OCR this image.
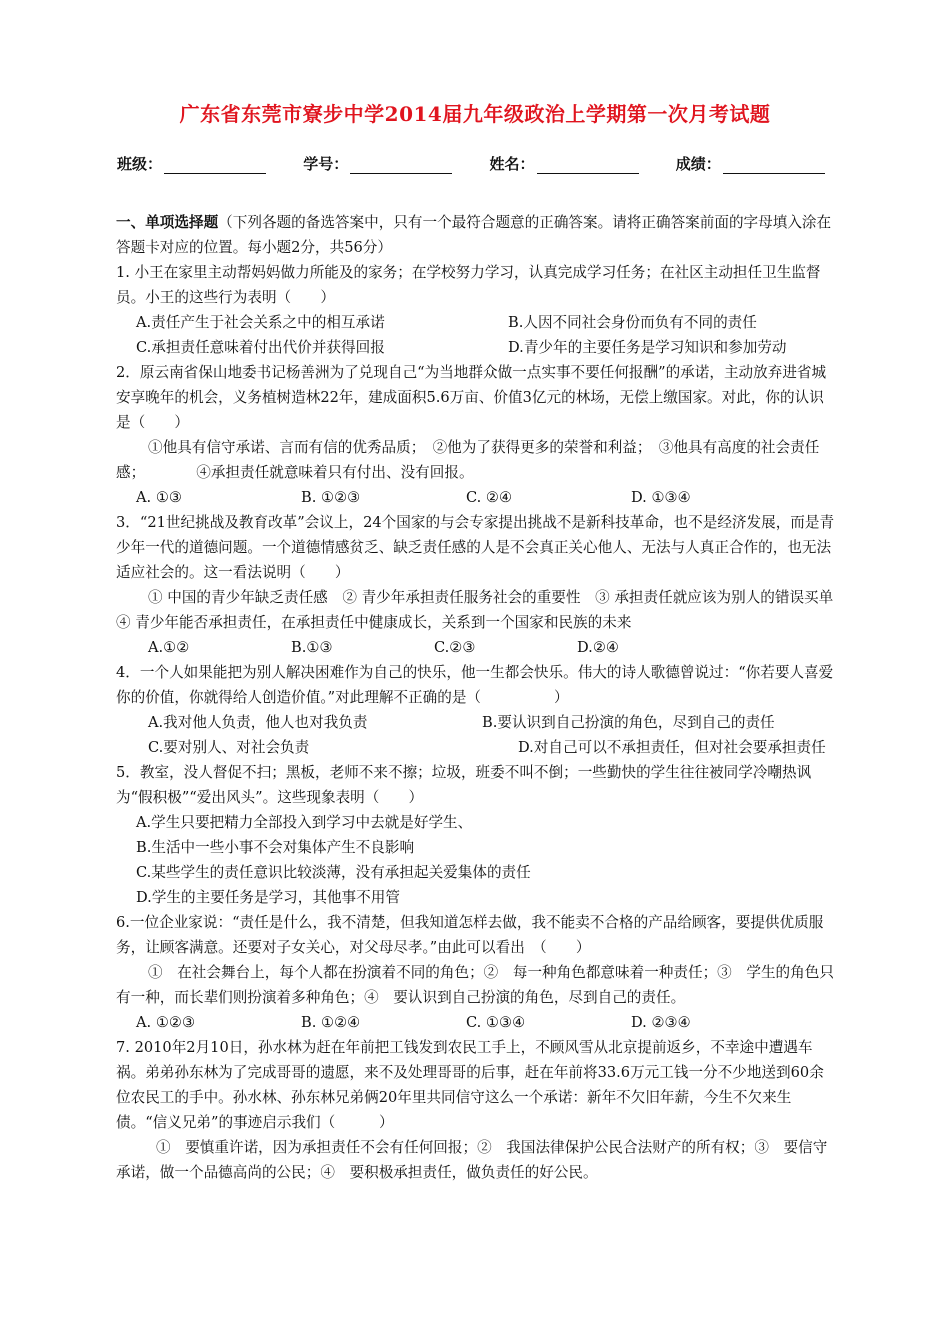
广东省东莞市寮步中学2014届九年级政治上学期第一次月考试题
班级：	学号：	姓名：	成绩：

一、单项选择题（下列各题的备选答案中，只有一个最符合题意的正确答案。请将正确答案前面的字母填入涂在答题卡对应的位置。每小题2分，共56分）

1. 小王在家里主动帮妈妈做力所能及的家务；在学校努力学习，认真完成学习任务；在社区主动担任卫生监督员。小王的这些行为表明（　　）

A.责任产生于社会关系之中的相互承诺	B.人因不同社会身份而负有不同的责任
C.承担责任意味着付出代价并获得回报	D.青少年的主要任务是学习知识和参加劳动

2．原云南省保山地委书记杨善洲为了兑现自己“为当地群众做一点实事不要任何报酬”的承诺，主动放弃进省城安享晚年的机会，义务植树造林22年，建成面积5.6万亩、价值3亿元的林场，无偿上缴国家。对此，你的认识是（　　）

①他具有信守承诺、言而有信的优秀品质；　②他为了获得更多的荣誉和利益；　③他具有高度的社会责任感；　　　　④承担责任就意味着只有付出、没有回报。

A. ①③	B. ①②③	C. ②④	D. ①③④

3．“21世纪挑战及教育改革”会议上，24个国家的与会专家提出挑战不是新科技革命，也不是经济发展，而是青少年一代的道德问题。一个道德情感贫乏、缺乏责任感的人是不会真正关心他人、无法与人真正合作的，也无法适应社会的。这一看法说明（　　）

① 中国的青少年缺乏责任感　② 青少年承担责任服务社会的重要性　③ 承担责任就应该为别人的错误买单　④ 青少年能否承担责任，在承担责任中健康成长，关系到一个国家和民族的未来

A.①②	B.①③	C.②③	D.②④

4．一个人如果能把为别人解决困难作为自己的快乐，他一生都会快乐。伟大的诗人歌德曾说过：“你若要人喜爱你的价值，你就得给人创造价值。”对此理解不正确的是（　　　　　）

A.我对他人负责，他人也对我负责	B.要认识到自己扮演的角色，尽到自己的责任

C.要对别人、对社会负责	D.对自己可以不承担责任，但对社会要承担责任

5．教室，没人督促不扫；黑板，老师不来不擦；垃圾，班委不叫不倒；一些勤快的学生往往被同学冷嘲热讽为“假积极”“爱出风头”。这些现象表明（　　）

A.学生只要把精力全部投入到学习中去就是好学生、

B.生活中一些小事不会对集体产生不良影响

C.某些学生的责任意识比较淡薄，没有承担起关爱集体的责任

D.学生的主要任务是学习，其他事不用管

6.一位企业家说：“责任是什么，我不清楚，但我知道怎样去做，我不能卖不合格的产品给顾客，要提供优质服务，让顾客满意。还要对子女关心，对父母尽孝。”由此可以看出　（　　）

①　在社会舞台上，每个人都在扮演着不同的角色；②　每一种角色都意味着一种责任；③　学生的角色只有一种，而长辈们则扮演着多种角色；④　要认识到自己扮演的角色，尽到自己的责任。

A. ①②③	B. ①②④	C. ①③④	D. ②③④

7. 2010年2月10日，孙水林为赶在年前把工钱发到农民工手上，不顾风雪从北京提前返乡，不幸途中遭遇车祸。弟弟孙东林为了完成哥哥的遗愿，来不及处理哥哥的后事，赶在年前将33.6万元工钱一分不少地送到60余位农民工的手中。孙水林、孙东林兄弟俩20年里共同信守这么一个承诺：新年不欠旧年薪，今生不欠来生债。“信义兄弟”的事迹启示我们（　　　）

①　要慎重许诺，因为承担责任不会有任何回报；②　我国法律保护公民合法财产的所有权；③　要信守承诺，做一个品德高尚的公民；④　要积极承担责任，做负责任的好公民。
